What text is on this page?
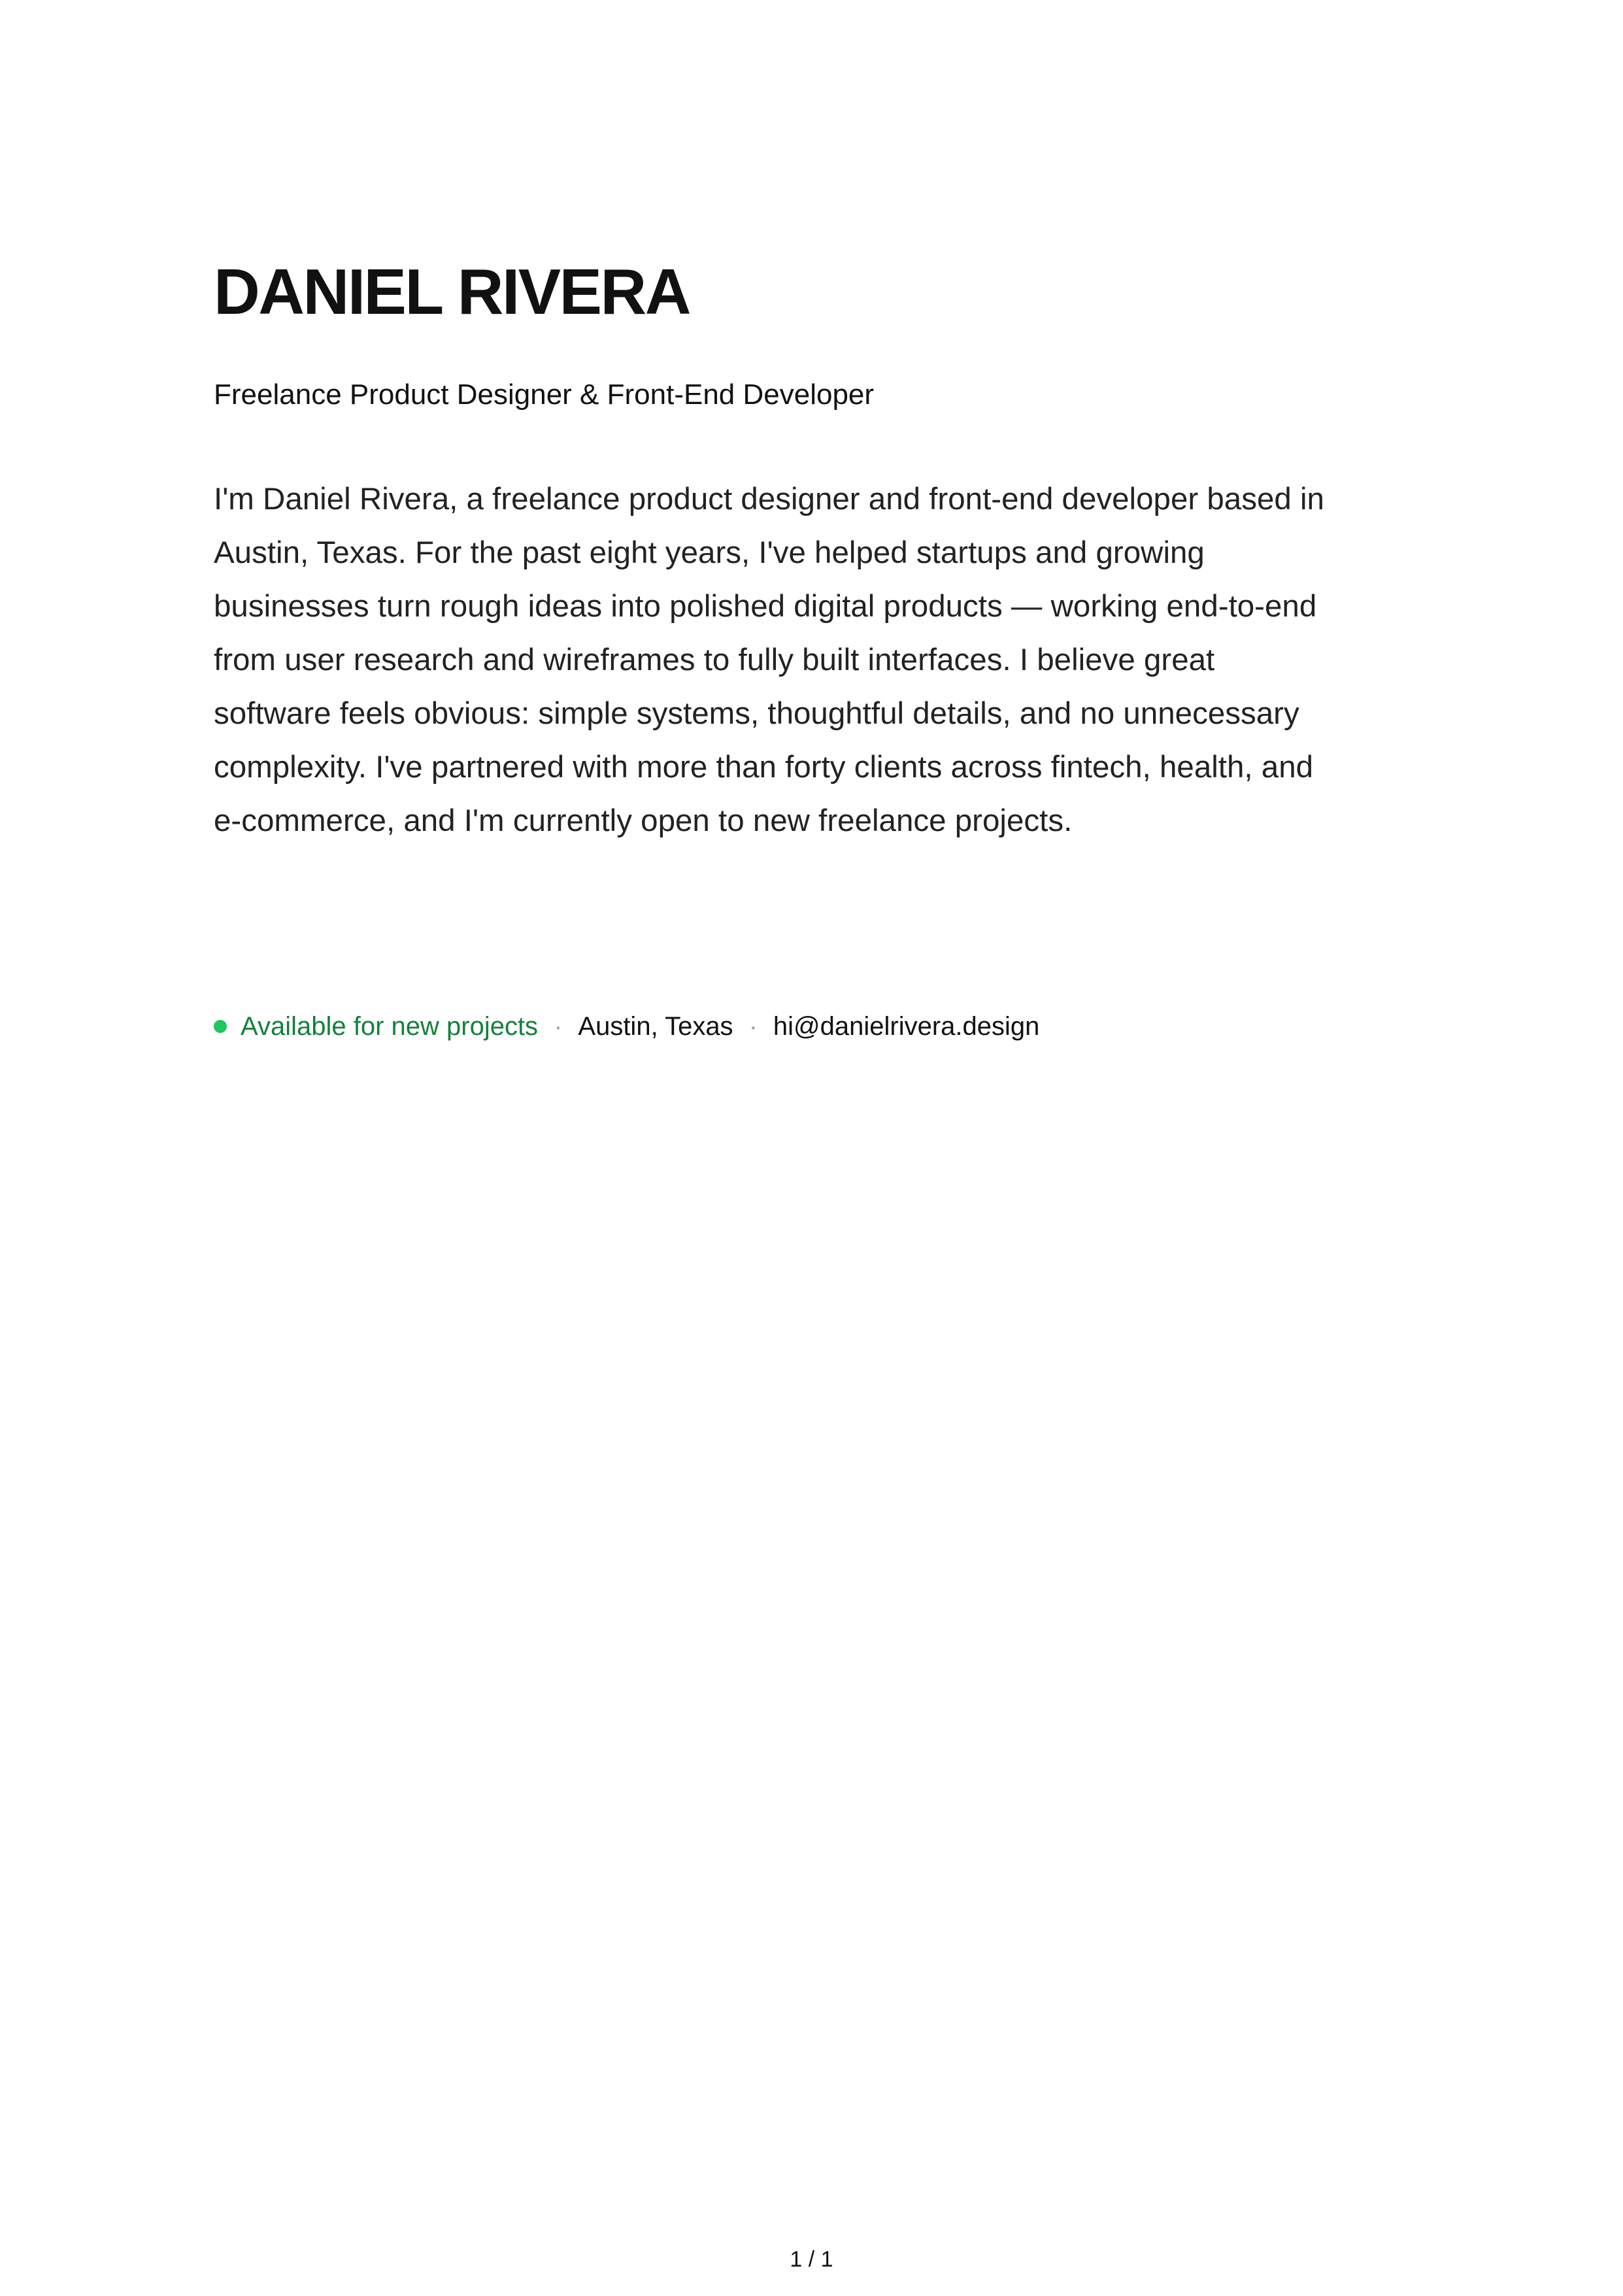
DANIEL RIVERA

Freelance Product Designer & Front-End Developer

I'm Daniel Rivera, a freelance product designer and front-end developer based in Austin, Texas. For the past eight years, I've helped startups and growing businesses turn rough ideas into polished digital products — working end-to-end from user research and wireframes to fully built interfaces. I believe great software feels obvious: simple systems, thoughtful details, and no unnecessary complexity. I've partnered with more than forty clients across fintech, health, and e-commerce, and I'm currently open to new freelance projects.

Available for new projects · Austin, Texas · hi@danielrivera.design
1 / 1
